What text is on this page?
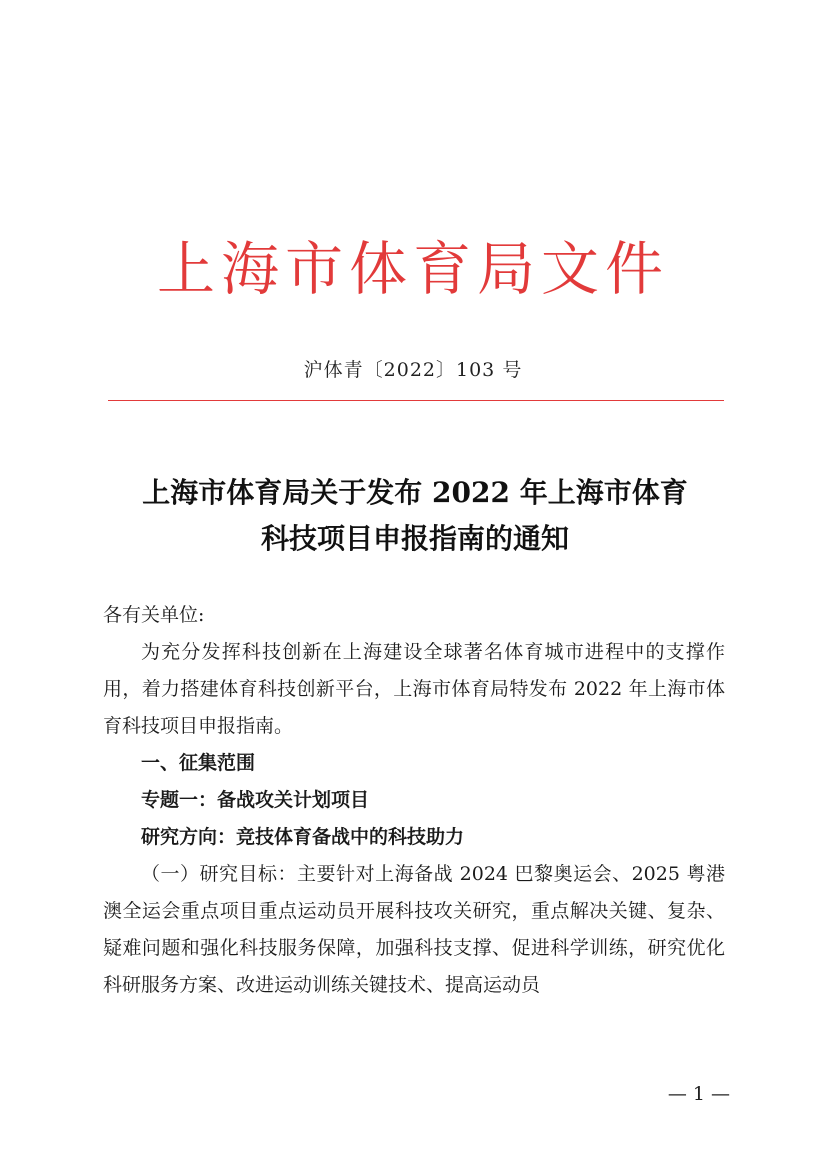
上海市体育局文件
沪体青〔2022〕103 号
上海市体育局关于发布 2022 年上海市体育
科技项目申报指南的通知

各有关单位:

为充分发挥科技创新在上海建设全球著名体育城市进程中的支撑作用，着力搭建体育科技创新平台，上海市体育局特发布 2022 年上海市体育科技项目申报指南。

一、征集范围

专题一：备战攻关计划项目

研究方向：竞技体育备战中的科技助力

（一）研究目标：主要针对上海备战 2024 巴黎奥运会、2025 粤港澳全运会重点项目重点运动员开展科技攻关研究，重点解决关键、复杂、疑难问题和强化科技服务保障，加强科技支撑、促进科学训练，研究优化科研服务方案、改进运动训练关键技术、提高运动员

— 1 —
